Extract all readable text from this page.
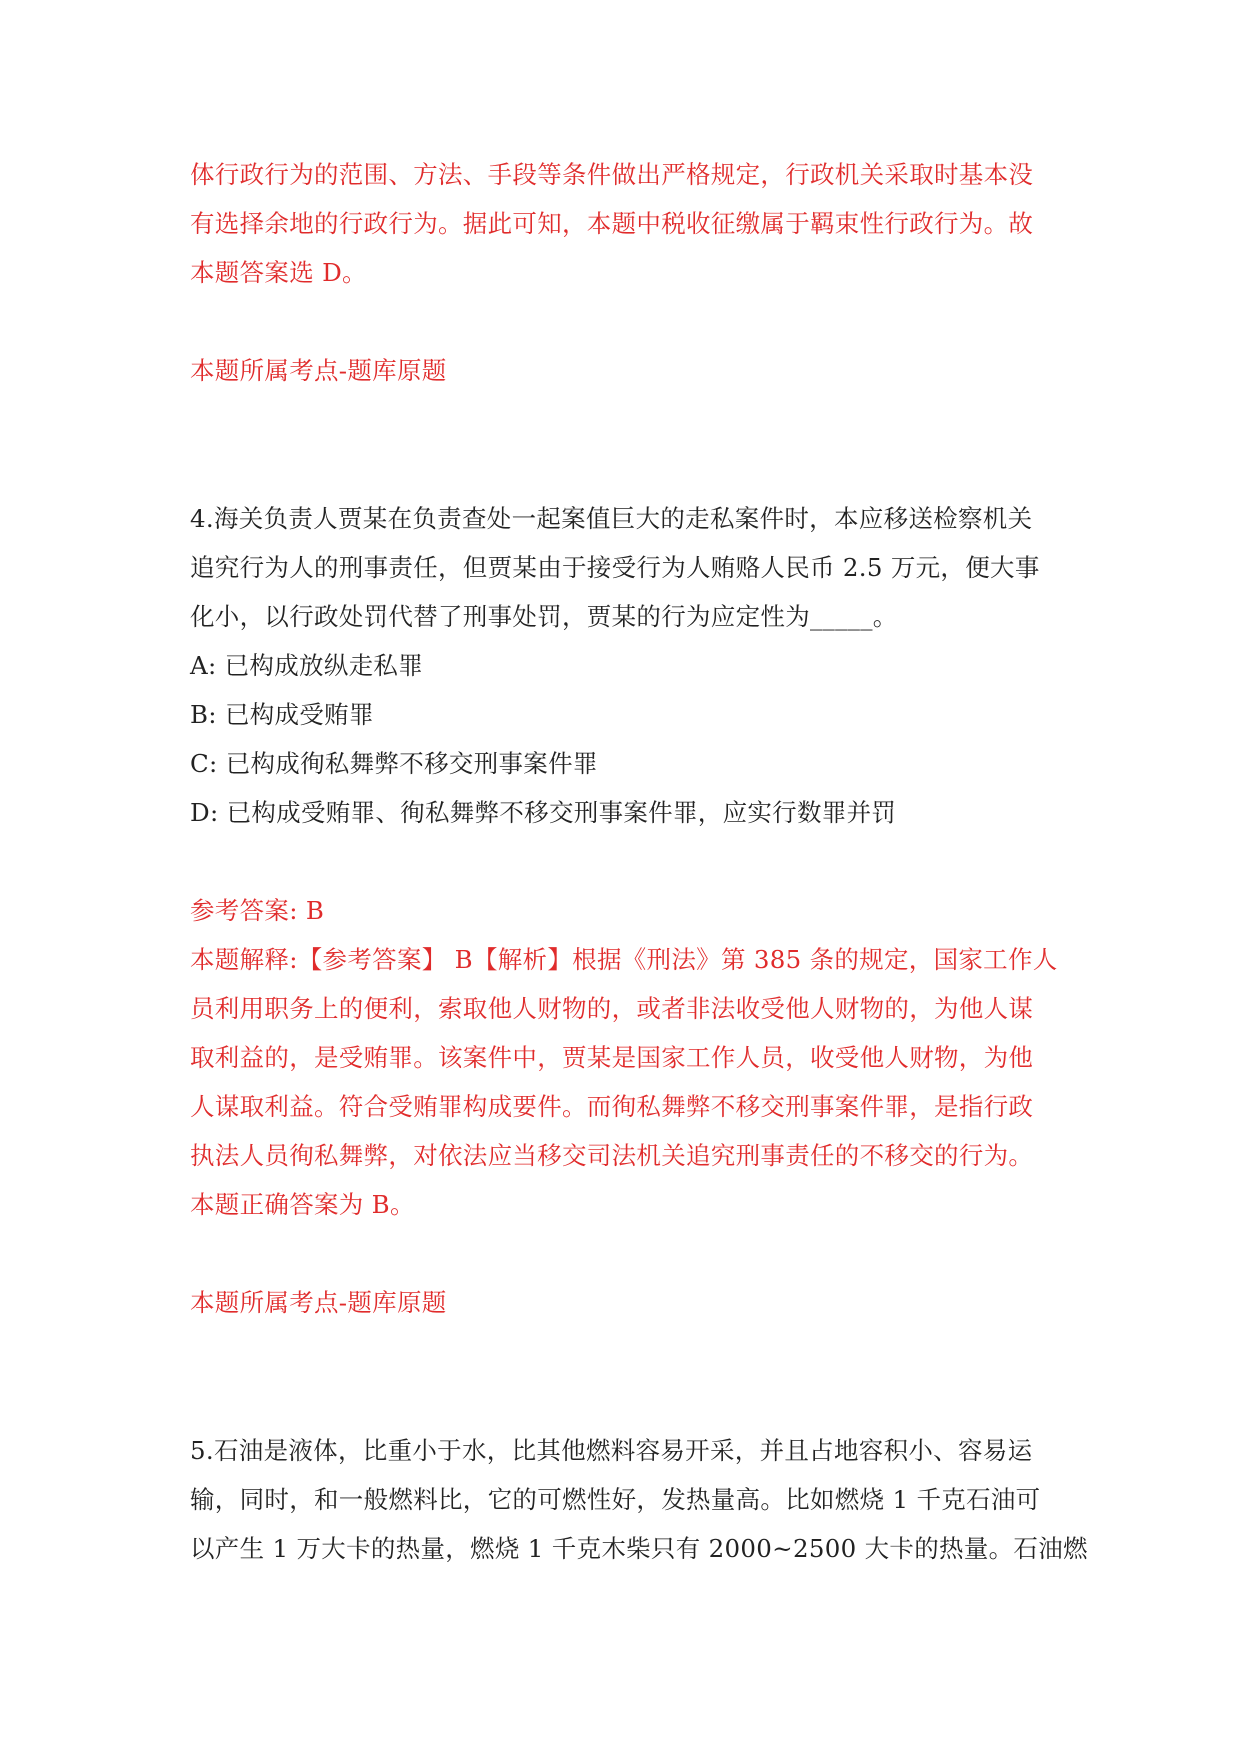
体行政行为的范围、方法、手段等条件做出严格规定，行政机关采取时基本没
有选择余地的行政行为。据此可知，本题中税收征缴属于羁束性行政行为。故
本题答案选 D。
本题所属考点-题库原题
4.海关负责人贾某在负责查处一起案值巨大的走私案件时，本应移送检察机关
追究行为人的刑事责任，但贾某由于接受行为人贿赂人民币 2.5 万元，便大事
化小，以行政处罚代替了刑事处罚，贾某的行为应定性为_____。
A: 已构成放纵走私罪
B: 已构成受贿罪
C: 已构成徇私舞弊不移交刑事案件罪
D: 已构成受贿罪、徇私舞弊不移交刑事案件罪，应实行数罪并罚
参考答案: B
本题解释:【参考答案】 B【解析】根据《刑法》第 385 条的规定，国家工作人
员利用职务上的便利，索取他人财物的，或者非法收受他人财物的，为他人谋
取利益的，是受贿罪。该案件中，贾某是国家工作人员，收受他人财物，为他
人谋取利益。符合受贿罪构成要件。而徇私舞弊不移交刑事案件罪，是指行政
执法人员徇私舞弊，对依法应当移交司法机关追究刑事责任的不移交的行为。
本题正确答案为 B。
本题所属考点-题库原题
5.石油是液体，比重小于水，比其他燃料容易开采，并且占地容积小、容易运
输，同时，和一般燃料比，它的可燃性好，发热量高。比如燃烧 1 千克石油可
以产生 1 万大卡的热量，燃烧 1 千克木柴只有 2000~2500 大卡的热量。石油燃
